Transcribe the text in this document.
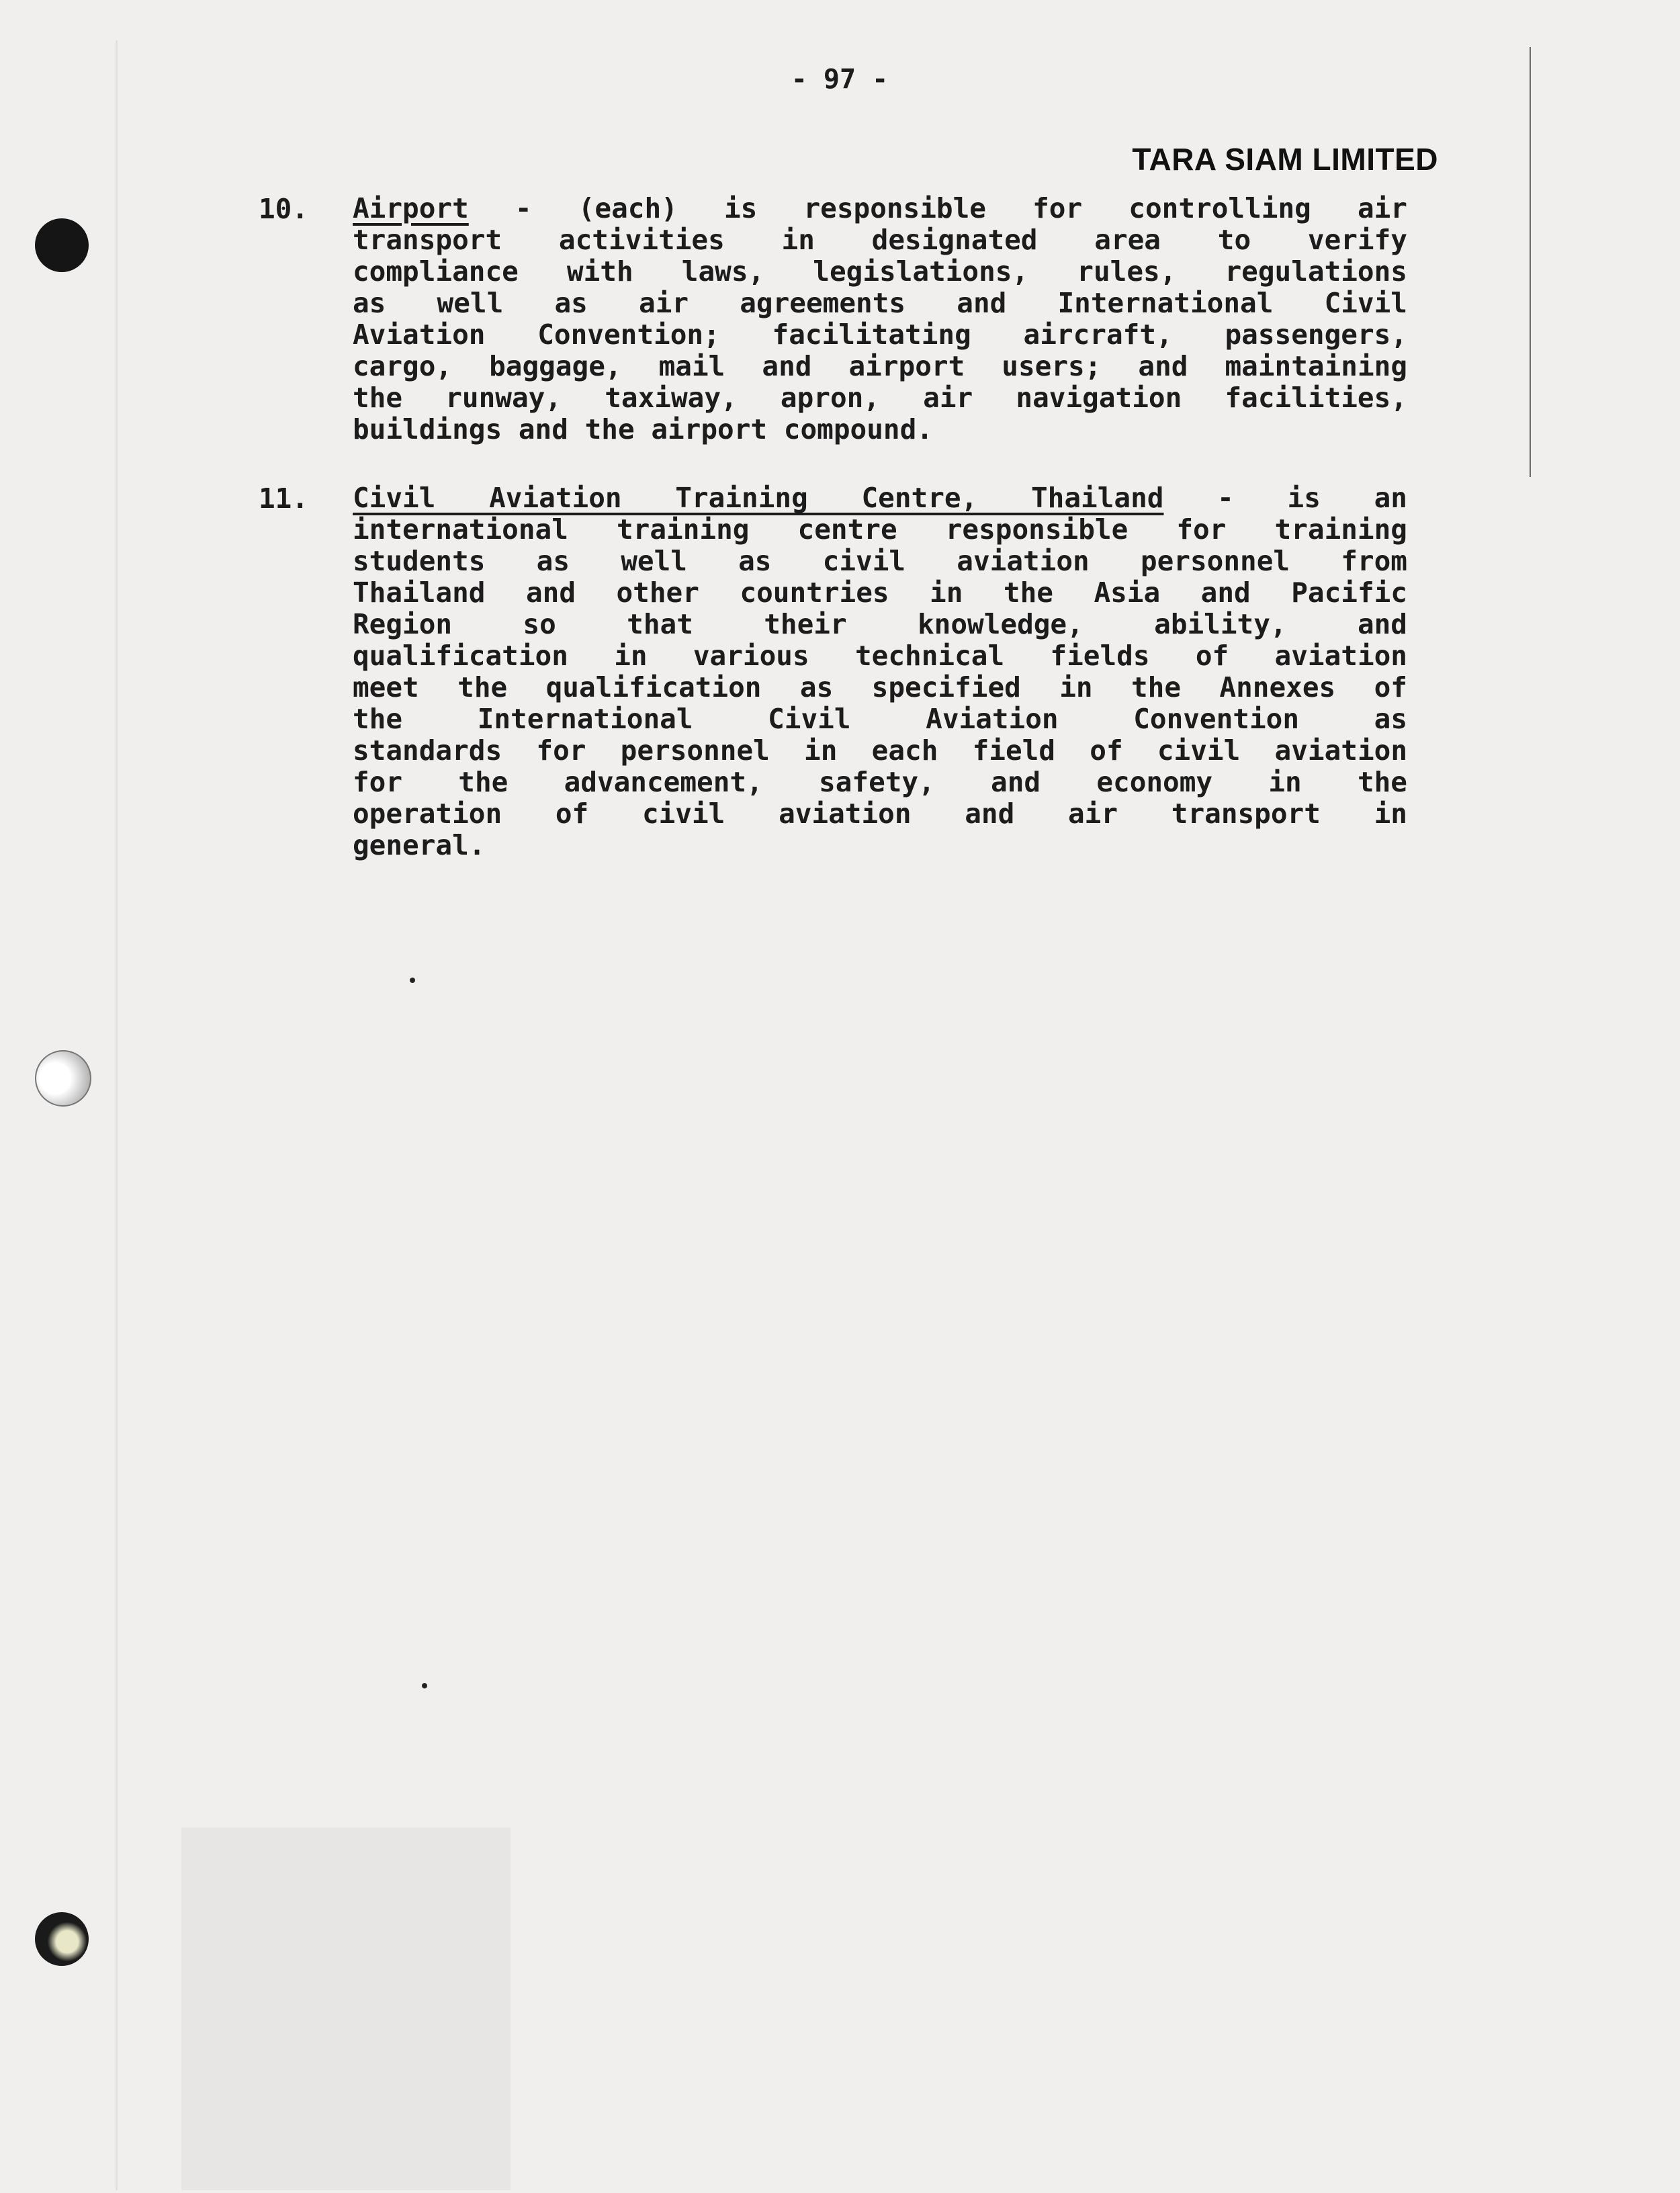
- 97 -
TARA SIAM LIMITED
10. Airport - (each) is responsible for controlling air
transport activities in designated area to verify
compliance with laws, legislations, rules, regulations
as well as air agreements and International Civil
Aviation Convention; facilitating aircraft, passengers,
cargo, baggage, mail and airport users; and maintaining
the runway, taxiway, apron, air navigation facilities,
buildings and the airport compound.
11. Civil Aviation Training Centre, Thailand - is an
international training centre responsible for training
students as well as civil aviation personnel from
Thailand and other countries in the Asia and Pacific
Region so that their knowledge, ability, and
qualification in various technical fields of aviation
meet the qualification as specified in the Annexes of
the International Civil Aviation Convention as
standards for personnel in each field of civil aviation
for the advancement, safety, and economy in the
operation of civil aviation and air transport in
general.
